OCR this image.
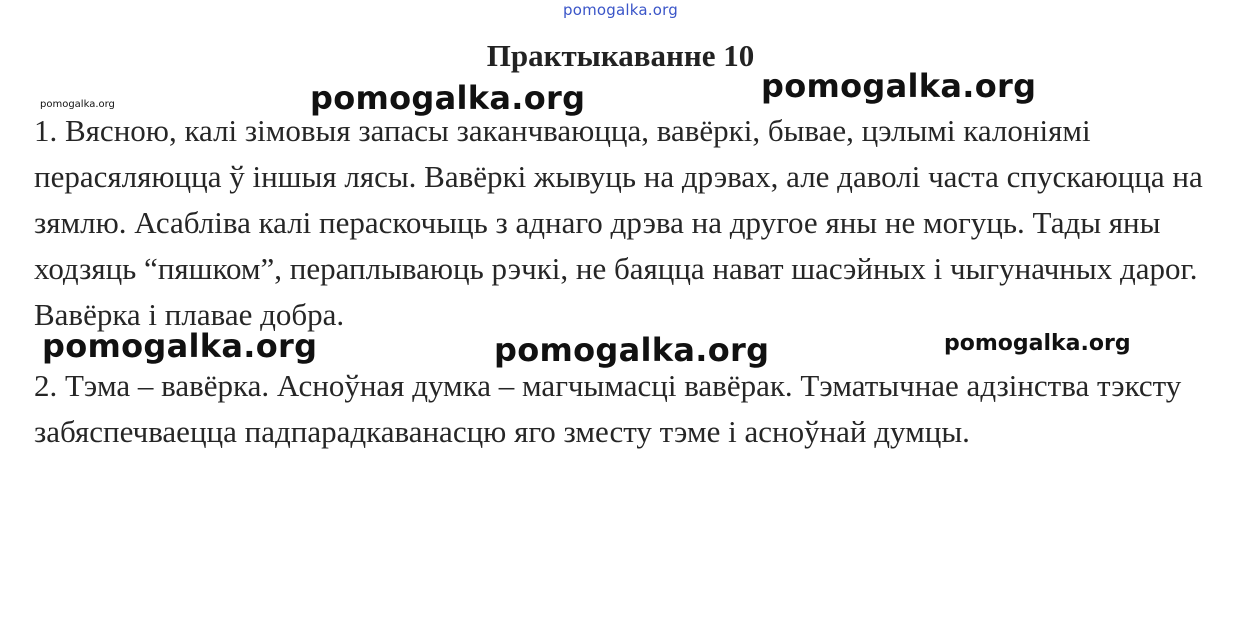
pomogalka.org
Практыкаванне 10
pomogalka.org	pomogalka.org	pomogalka.org

1. Вясною, калі зімовыя запасы заканчваюцца, вавёркі, бывае, цэлымі калоніямі перасяляюцца ў іншыя лясы. Вавёркі жывуць на дрэвах, але даволі часта спускаюцца на зямлю. Асабліва калі пераскочыць з аднаго дрэва на другое яны не могуць. Тады яны ходзяць “пяшком”, пераплываюць рэчкі, не баяцца нават шасэйных і чыгуначных дарог. Вавёрка і плавае добра.

pomogalka.org	pomogalka.org	pomogalka.org

2. Тэма – вавёрка. Асноўная думка – магчымасці вавёрак. Тэматычнае адзінства тэксту забяспечваецца падпарадкаванасцю яго зместу тэме і асноўнай думцы.
